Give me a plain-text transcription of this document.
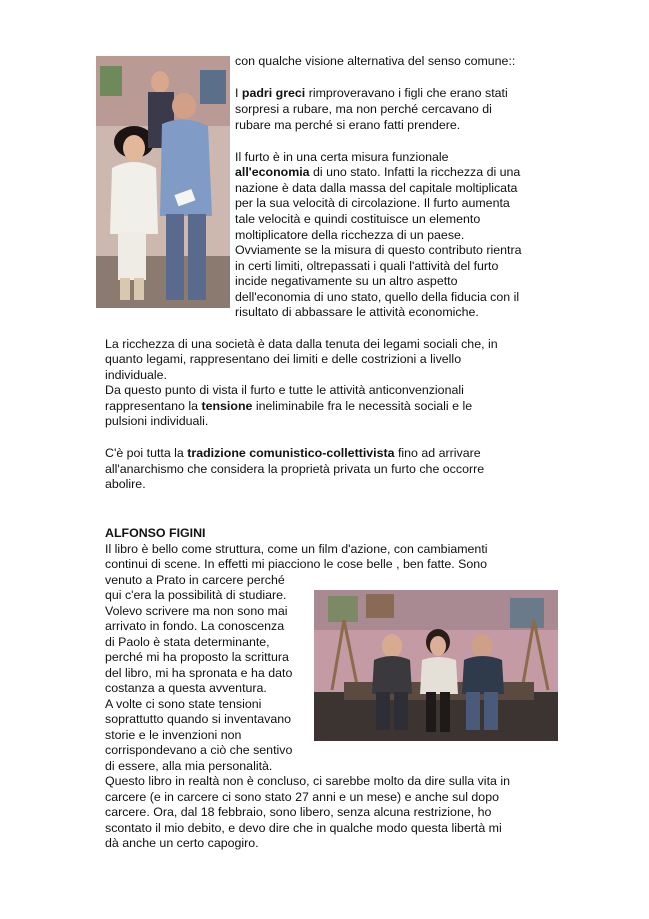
con qualche visione alternativa del senso comune::
I padri greci rimproveravano i figli che erano stati
sorpresi a rubare, ma non perché cercavano di
rubare ma perché si erano fatti prendere.
Il furto è in una certa misura funzionale
all'economia di uno stato. Infatti la ricchezza di una
nazione è data dalla massa del capitale moltiplicata
per la sua velocità di circolazione. Il furto aumenta
tale velocità e quindi costituisce un elemento
moltiplicatore della ricchezza di un paese.
Ovviamente se la misura di questo contributo rientra
in certi limiti, oltrepassati i quali l'attività del furto
incide negativamente su un altro aspetto
dell'economia di uno stato, quello della fiducia con il
risultato di abbassare le attività economiche.
La ricchezza di una società è data dalla tenuta dei legami sociali che, in
quanto legami, rappresentano dei limiti e delle costrizioni a livello
individuale.
Da questo punto di vista il furto e tutte le attività anticonvenzionali
rappresentano la tensione ineliminabile fra le necessità sociali e le
pulsioni individuali.
C'è poi tutta la tradizione comunistico-collettivista fino ad arrivare
all'anarchismo che considera la proprietà privata un furto che occorre
abolire.
ALFONSO FIGINI
Il libro è bello come struttura, come un film d'azione, con cambiamenti
continui di scene. In effetti mi piacciono le cose belle , ben fatte. Sono
venuto a Prato in carcere perché
qui c'era la possibilità di studiare.
Volevo scrivere ma non sono mai
arrivato in fondo. La conoscenza
di Paolo è stata determinante,
perché mi ha proposto la scrittura
del libro, mi ha spronata e ha dato
costanza a questa avventura.
A volte ci sono state tensioni
soprattutto quando si inventavano
storie e le invenzioni non
corrispondevano a ciò che sentivo
di essere, alla mia personalità.
Questo libro in realtà non è concluso, ci sarebbe molto da dire sulla vita in
carcere (e in carcere ci sono stato 27 anni e un mese) e anche sul dopo
carcere. Ora, dal 18 febbraio, sono libero, senza alcuna restrizione, ho
scontato il mio debito, e devo dire che in qualche modo questa libertà mi
dà anche un certo capogiro.
